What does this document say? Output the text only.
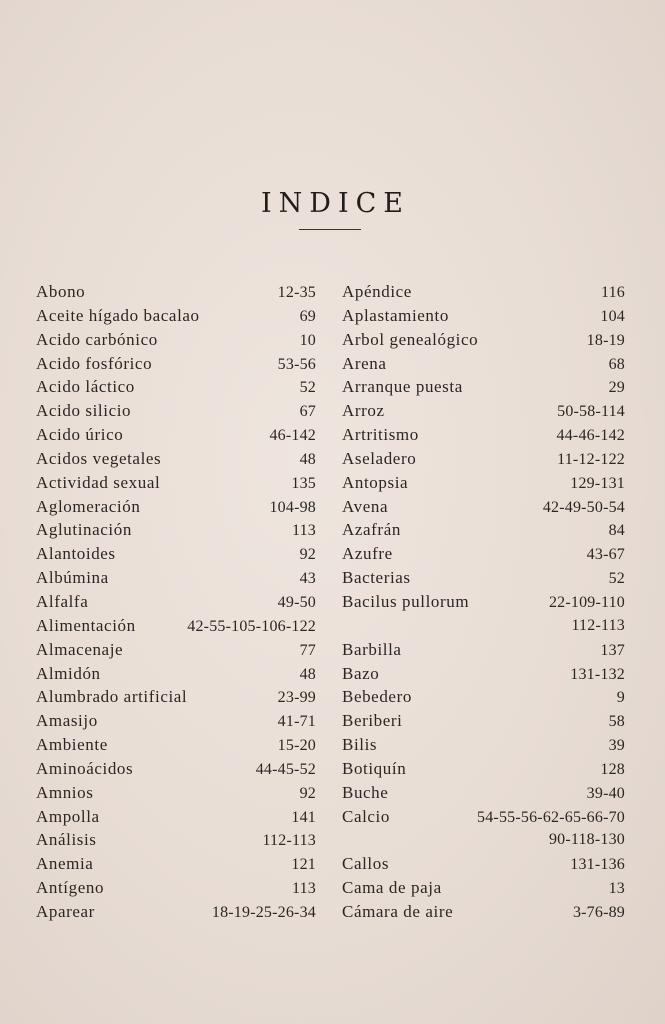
INDICE
Abono	12-35
Aceite hígado bacalao	69
Acido carbónico	10
Acido fosfórico	53-56
Acido láctico	52
Acido silicio	67
Acido úrico	46-142
Acidos vegetales	48
Actividad sexual	135
Aglomeración	104-98
Aglutinación	113
Alantoides	92
Albúmina	43
Alfalfa	49-50
Alimentación	42-55-105-106-122
Almacenaje	77
Almidón	48
Alumbrado artificial	23-99
Amasijo	41-71
Ambiente	15-20
Aminoácidos	44-45-52
Amnios	92
Ampolla	141
Análisis	112-113
Anemia	121
Antígeno	113
Aparear	18-19-25-26-34
Apéndice	116
Aplastamiento	104
Arbol genealógico	18-19
Arena	68
Arranque puesta	29
Arroz	50-58-114
Artritismo	44-46-142
Aseladero	11-12-122
Antopsia	129-131
Avena	42-49-50-54
Azafrán	84
Azufre	43-67
Bacterias	52
Bacilus pullorum	22-109-110
112-113
Barbilla	137
Bazo	131-132
Bebedero	9
Beriberi	58
Bilis	39
Botiquín	128
Buche	39-40
Calcio	54-55-56-62-65-66-70
90-118-130
Callos	131-136
Cama de paja	13
Cámara de aire	3-76-89
